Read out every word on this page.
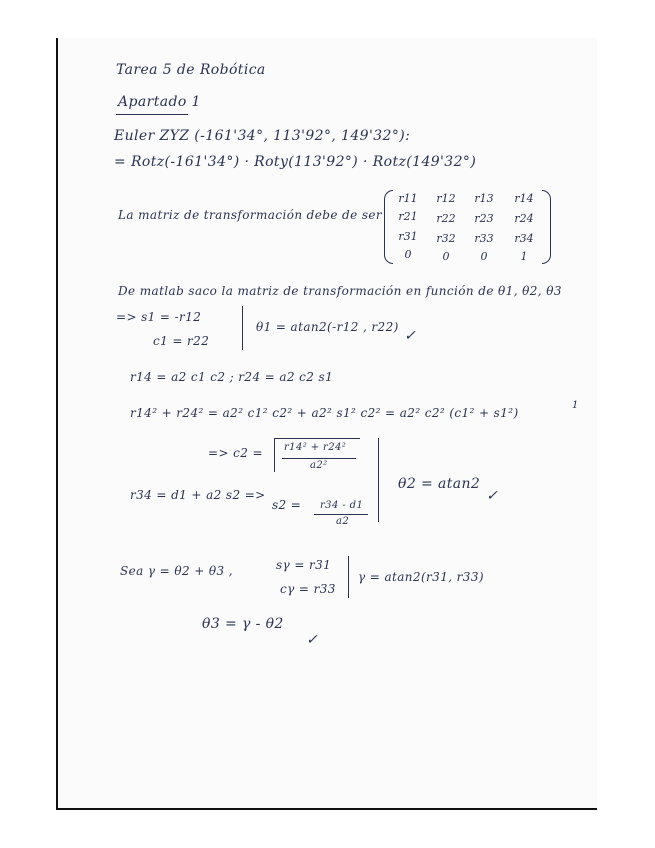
Tarea 5 de Robótica
Apartado 1
Euler ZYZ (-161'34°, 113'92°, 149'32°):
= Rotz(-161'34°) · Roty(113'92°) · Rotz(149'32°)
La matriz de transformación debe de ser
r11	r12	r13	r14
r21	r22	r23	r24
r31	r32	r33	r34
0	0	0	1
De matlab saco la matriz de transformación en función de θ1, θ2, θ3
=> s1 = -r12
c1 = r22
θ1 = atan2(-r12 , r22)
✓
r14 = a2 c1 c2 ; r24 = a2 c2 s1
r14² + r24² = a2² c1² c2² + a2² s1² c2² = a2² c2² (c1² + s1²)
1
=> c2 = r14² + r24²
a2²
r34 = d1 + a2 s2 =>
s2 = r34 - d1
a2
θ2 = atan2
✓
Sea γ = θ2 + θ3 ,	sγ = r31
cγ = r33
γ = atan2(r31, r33)
θ3 = γ - θ2
✓
